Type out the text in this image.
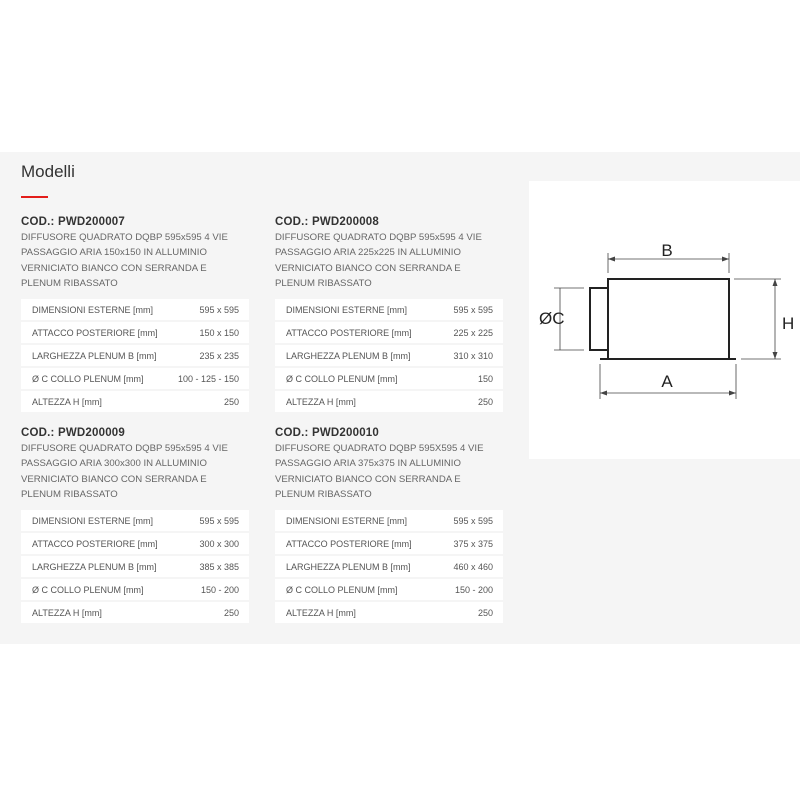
Modelli
COD.: PWD200007
DIFFUSORE QUADRATO DQBP 595x595 4 VIE PASSAGGIO ARIA 150x150 IN ALLUMINIO VERNICIATO BIANCO CON SERRANDA E PLENUM RIBASSATO
DIMENSIONI ESTERNE [mm]	595 x 595
ATTACCO POSTERIORE [mm]	150 x 150
LARGHEZZA PLENUM B [mm]	235 x 235
Ø C COLLO PLENUM [mm]	100 - 125 - 150
ALTEZZA H [mm]	250
COD.: PWD200008
DIFFUSORE QUADRATO DQBP 595x595 4 VIE PASSAGGIO ARIA 225x225 IN ALLUMINIO VERNICIATO BIANCO CON SERRANDA E PLENUM RIBASSATO
DIMENSIONI ESTERNE [mm]	595 x 595
ATTACCO POSTERIORE [mm]	225 x 225
LARGHEZZA PLENUM B [mm]	310 x 310
Ø C COLLO PLENUM [mm]	150
ALTEZZA H [mm]	250
COD.: PWD200009
DIFFUSORE QUADRATO DQBP 595x595 4 VIE PASSAGGIO ARIA 300x300 IN ALLUMINIO VERNICIATO BIANCO CON SERRANDA E PLENUM RIBASSATO
DIMENSIONI ESTERNE [mm]	595 x 595
ATTACCO POSTERIORE [mm]	300 x 300
LARGHEZZA PLENUM B [mm]	385 x 385
Ø C COLLO PLENUM [mm]	150 - 200
ALTEZZA H [mm]	250
COD.: PWD200010
DIFFUSORE QUADRATO DQBP 595X595 4 VIE PASSAGGIO ARIA 375x375 IN ALLUMINIO VERNICIATO BIANCO CON SERRANDA E PLENUM RIBASSATO
DIMENSIONI ESTERNE [mm]	595 x 595
ATTACCO POSTERIORE [mm]	375 x 375
LARGHEZZA PLENUM B [mm]	460 x 460
Ø C COLLO PLENUM [mm]	150 - 200
ALTEZZA H [mm]	250
B
ØC	H
A
